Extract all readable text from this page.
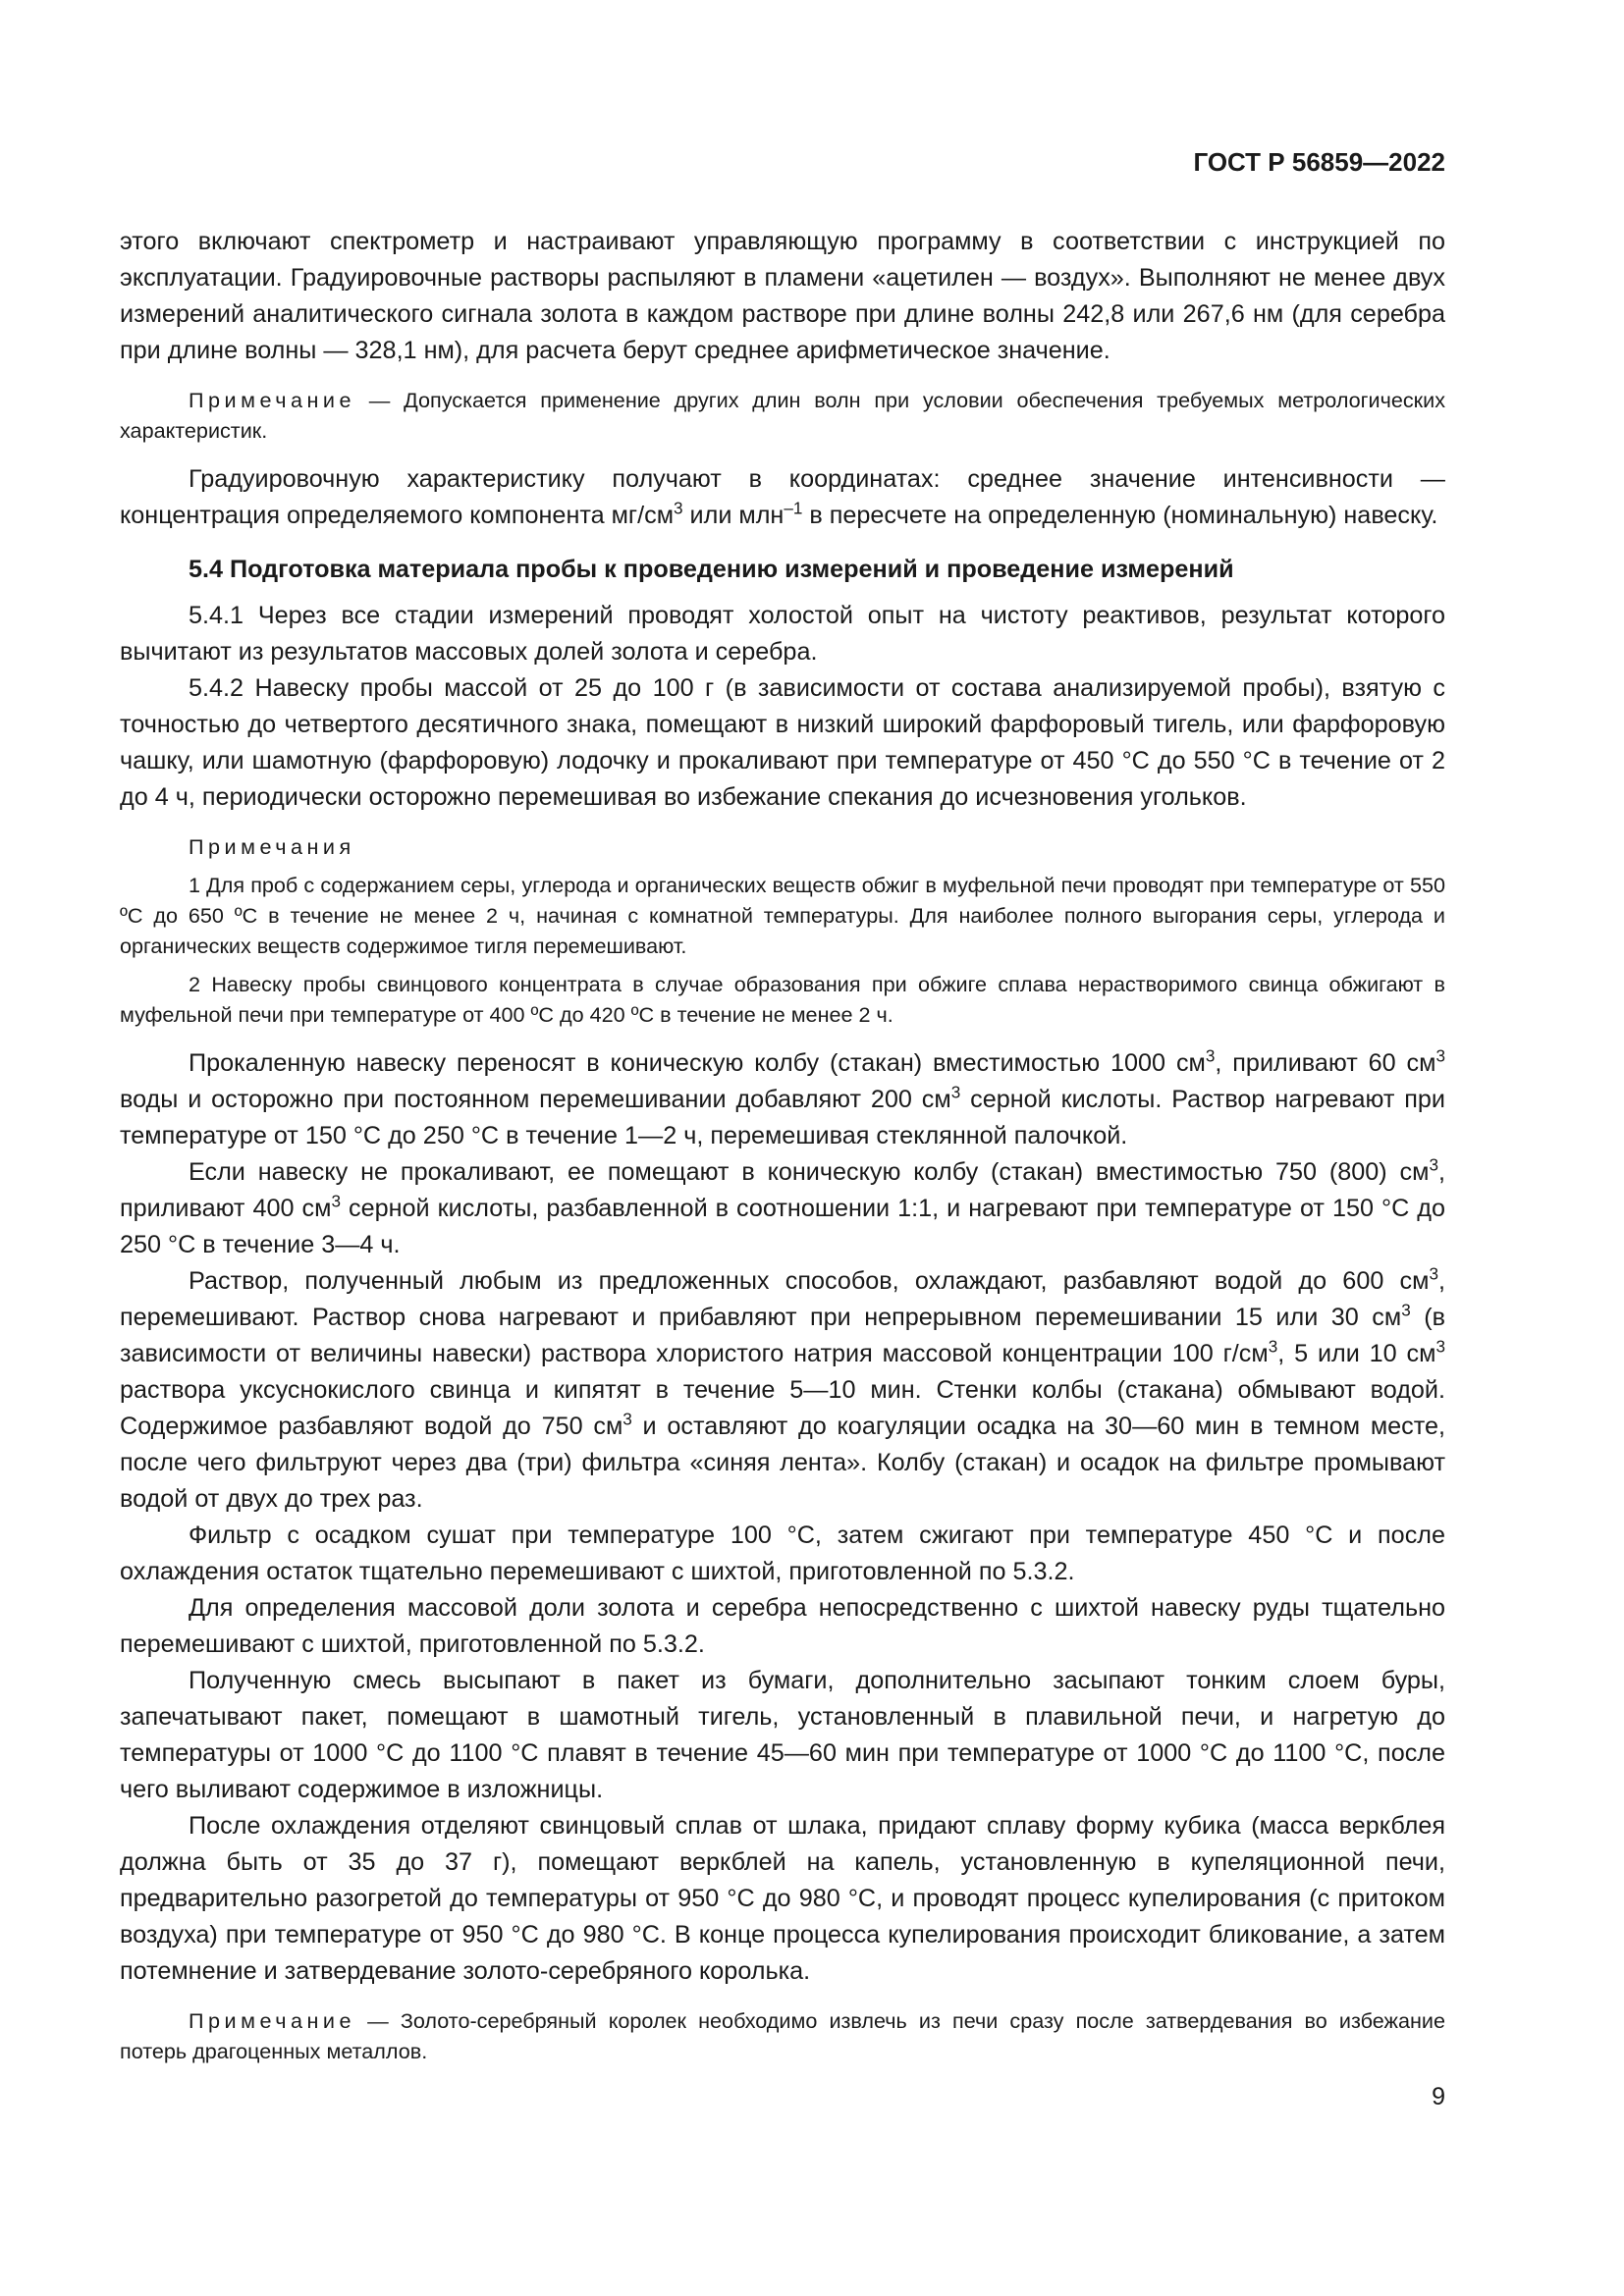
ГОСТ Р 56859—2022

этого включают спектрометр и настраивают управляющую программу в соответствии с инструкцией по эксплуатации. Градуировочные растворы распыляют в пламени «ацетилен — воздух». Выполняют не менее двух измерений аналитического сигнала золота в каждом растворе при длине волны 242,8 или 267,6 нм (для серебра при длине волны — 328,1 нм), для расчета берут среднее арифметическое значение.

Примечание — Допускается применение других длин волн при условии обеспечения требуемых метрологических характеристик.

Градуировочную характеристику получают в координатах: среднее значение интенсивности — концентрация определяемого компонента $мг/см^3$ или млн$^{-1}$ в пересчете на определенную (номинальную) навеску.

5.4 Подготовка материала пробы к проведению измерений и проведение измерений

5.4.1 Через все стадии измерений проводят холостой опыт на чистоту реактивов, результат которого вычитают из результатов массовых долей золота и серебра.

5.4.2 Навеску пробы массой от 25 до 100 г (в зависимости от состава анализируемой пробы), взятую с точностью до четвертого десятичного знака, помещают в низкий широкий фарфоровый тигель, или фарфоровую чашку, или шамотную (фарфоровую) лодочку и прокаливают при температуре от 450 °С до 550 °С в течение от 2 до 4 ч, периодически осторожно перемешивая во избежание спекания до исчезновения угольков.

Примечания
1 Для проб с содержанием серы, углерода и органических веществ обжиг в муфельной печи проводят при температуре от 550 ºС до 650 ºС в течение не менее 2 ч, начиная с комнатной температуры. Для наиболее полного выгорания серы, углерода и органических веществ содержимое тигля перемешивают.
2 Навеску пробы свинцового концентрата в случае образования при обжиге сплава нерастворимого свинца обжигают в муфельной печи при температуре от 400 ºС до 420 ºС в течение не менее 2 ч.

Прокаленную навеску переносят в коническую колбу (стакан) вместимостью 1000 $см^3$, приливают 60 $см^3$ воды и осторожно при постоянном перемешивании добавляют 200 $см^3$ серной кислоты. Раствор нагревают при температуре от 150 °С до 250 °С в течение 1—2 ч, перемешивая стеклянной палочкой.

Если навеску не прокаливают, ее помещают в коническую колбу (стакан) вместимостью 750 (800) $см^3$, приливают 400 $см^3$ серной кислоты, разбавленной в соотношении 1:1, и нагревают при температуре от 150 °С до 250 °С в течение 3—4 ч.

Раствор, полученный любым из предложенных способов, охлаждают, разбавляют водой до 600 $см^3$, перемешивают. Раствор снова нагревают и прибавляют при непрерывном перемешивании 15 или 30 $см^3$ (в зависимости от величины навески) раствора хлористого натрия массовой концентрации 100 $г/см^3$, 5 или 10 $см^3$ раствора уксуснокислого свинца и кипятят в течение 5—10 мин. Стенки колбы (стакана) обмывают водой. Содержимое разбавляют водой до 750 $см^3$ и оставляют до коагуляции осадка на 30—60 мин в темном месте, после чего фильтруют через два (три) фильтра «синяя лента». Колбу (стакан) и осадок на фильтре промывают водой от двух до трех раз.

Фильтр с осадком сушат при температуре 100 °С, затем сжигают при температуре 450 °С и после охлаждения остаток тщательно перемешивают с шихтой, приготовленной по 5.3.2.

Для определения массовой доли золота и серебра непосредственно с шихтой навеску руды тщательно перемешивают с шихтой, приготовленной по 5.3.2.

Полученную смесь высыпают в пакет из бумаги, дополнительно засыпают тонким слоем буры, запечатывают пакет, помещают в шамотный тигель, установленный в плавильной печи, и нагретую до температуры от 1000 °С до 1100 °С плавят в течение 45—60 мин при температуре от 1000 °С до 1100 °С, после чего выливают содержимое в изложницы.

После охлаждения отделяют свинцовый сплав от шлака, придают сплаву форму кубика (масса веркблея должна быть от 35 до 37 г), помещают веркблей на капель, установленную в купеляционной печи, предварительно разогретой до температуры от 950 °С до 980 °С, и проводят процесс купелирования (с притоком воздуха) при температуре от 950 °С до 980 °С. В конце процесса купелирования происходит бликование, а затем потемнение и затвердевание золото-серебряного королька.

Примечание — Золото-серебряный королек необходимо извлечь из печи сразу после затвердевания во избежание потерь драгоценных металлов.
9
